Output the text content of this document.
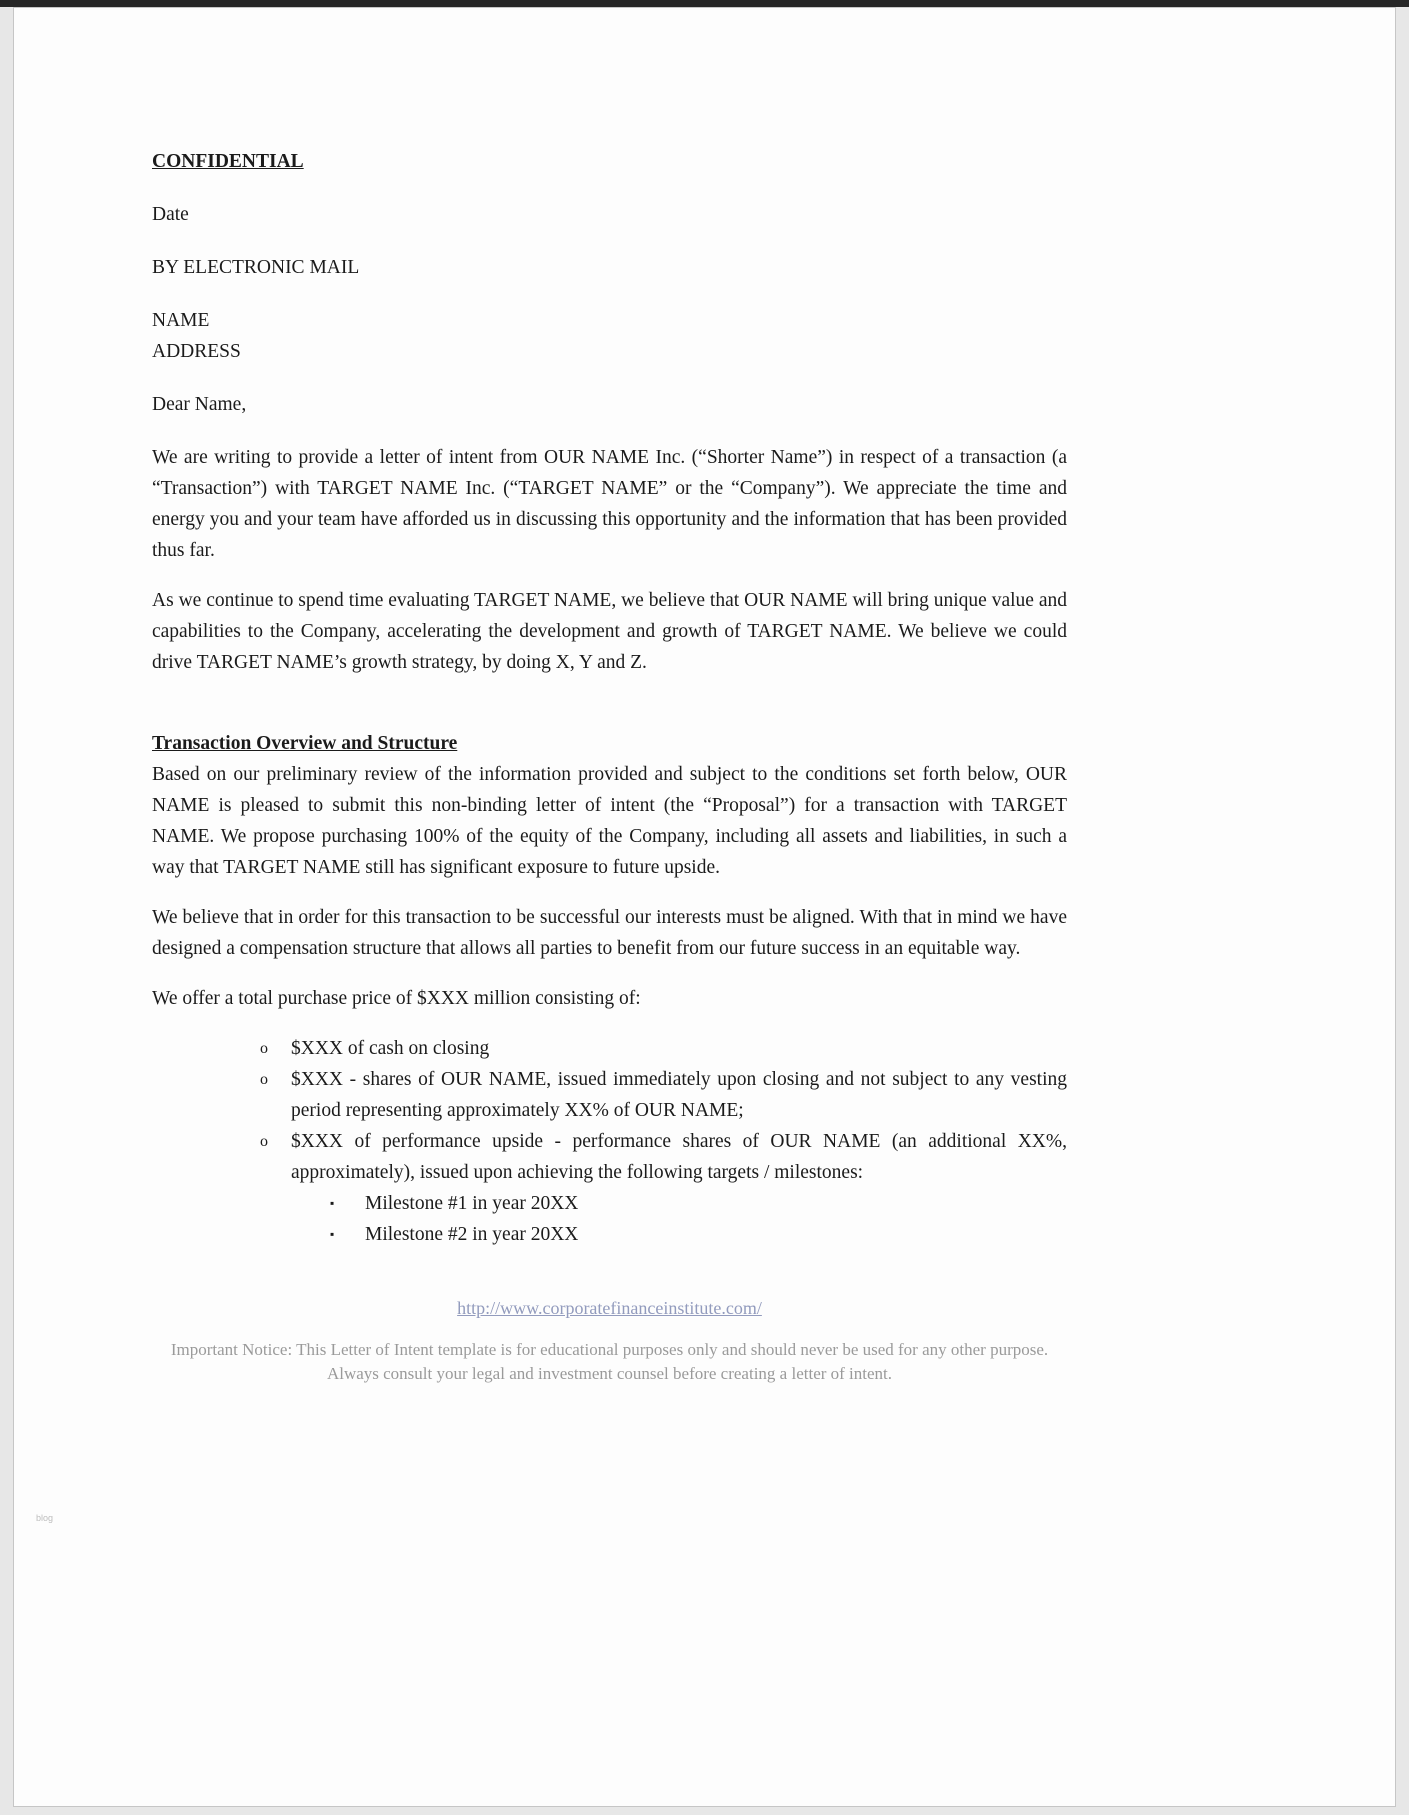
CONFIDENTIAL
Date
BY ELECTRONIC MAIL
NAME
ADDRESS
Dear Name,

We are writing to provide a letter of intent from OUR NAME Inc. (“Shorter Name”) in respect of a transaction (a “Transaction”) with TARGET NAME Inc. (“TARGET NAME” or the “Company”). We appreciate the time and energy you and your team have afforded us in discussing this opportunity and the information that has been provided thus far.

As we continue to spend time evaluating TARGET NAME, we believe that OUR NAME will bring unique value and capabilities to the Company, accelerating the development and growth of TARGET NAME. We believe we could drive TARGET NAME’s growth strategy, by doing X, Y and Z.

Transaction Overview and Structure

Based on our preliminary review of the information provided and subject to the conditions set forth below, OUR NAME is pleased to submit this non-binding letter of intent (the “Proposal”) for a transaction with TARGET NAME. We propose purchasing 100% of the equity of the Company, including all assets and liabilities, in such a way that TARGET NAME still has significant exposure to future upside.

We believe that in order for this transaction to be successful our interests must be aligned. With that in mind we have designed a compensation structure that allows all parties to benefit from our future success in an equitable way.

We offer a total purchase price of $XXX million consisting of:

o	$XXX of cash on closing
o	$XXX - shares of OUR NAME, issued immediately upon closing and not subject to any vesting period representing approximately XX% of OUR NAME;
o	$XXX of performance upside - performance shares of OUR NAME (an additional XX%, approximately), issued upon achieving the following targets / milestones:
▪	Milestone #1 in year 20XX
▪	Milestone #2 in year 20XX
http://www.corporatefinanceinstitute.com/
Important Notice: This Letter of Intent template is for educational purposes only and should never be used for any other purpose. Always consult your legal and investment counsel before creating a letter of intent.
blog
